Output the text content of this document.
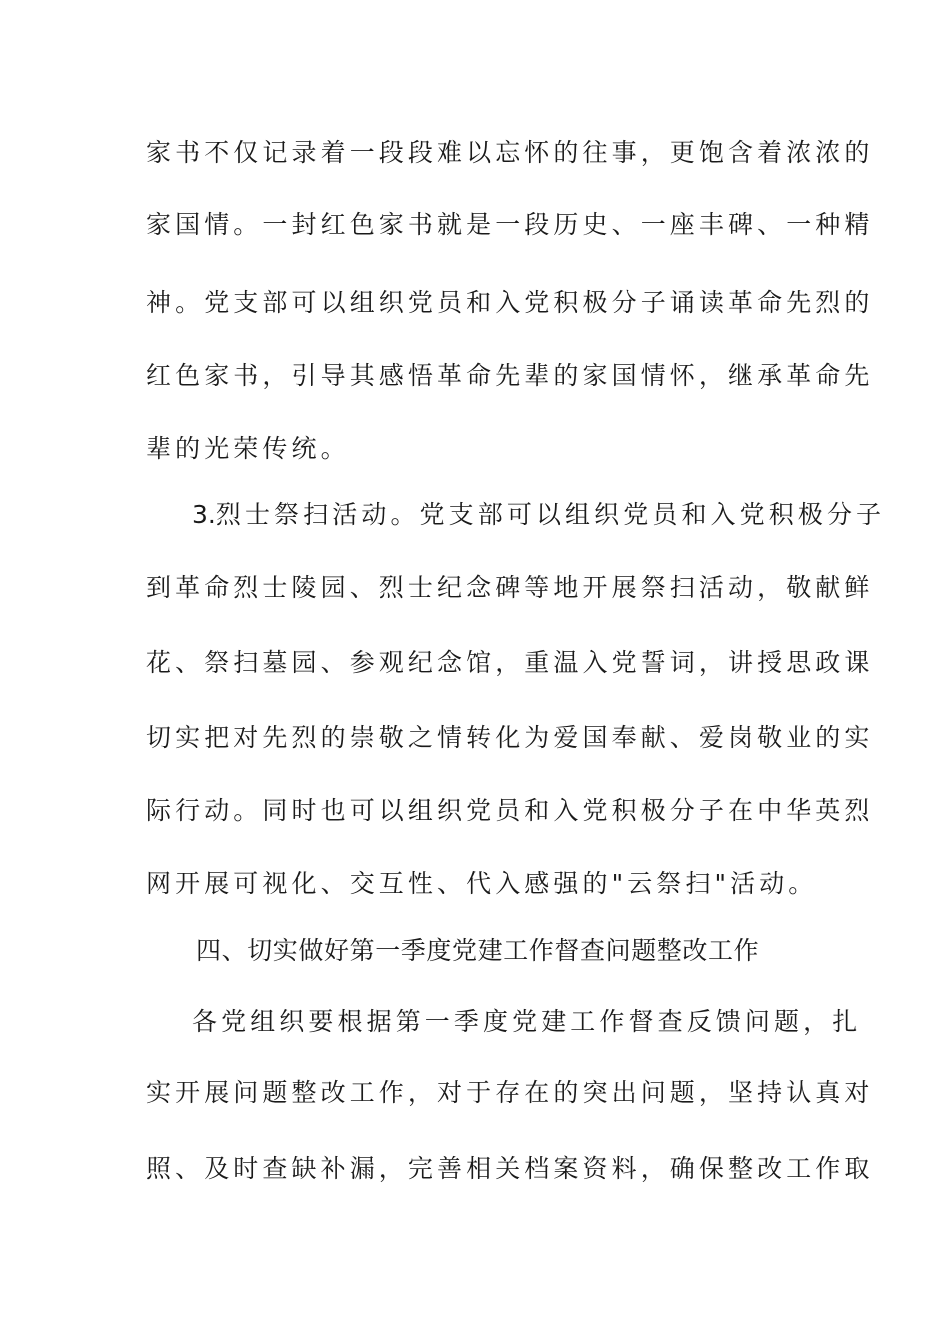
家书不仅记录着一段段难以忘怀的往事，更饱含着浓浓的
家国情。一封红色家书就是一段历史、一座丰碑、一种精
神。党支部可以组织党员和入党积极分子诵读革命先烈的
红色家书，引导其感悟革命先辈的家国情怀，继承革命先
辈的光荣传统。
3.烈士祭扫活动。党支部可以组织党员和入党积极分子
到革命烈士陵园、烈士纪念碑等地开展祭扫活动，敬献鲜
花、祭扫墓园、参观纪念馆，重温入党誓词，讲授思政课
切实把对先烈的崇敬之情转化为爱国奉献、爱岗敬业的实
际行动。同时也可以组织党员和入党积极分子在中华英烈
网开展可视化、交互性、代入感强的"云祭扫"活动。
四、切实做好第一季度党建工作督查问题整改工作
各党组织要根据第一季度党建工作督查反馈问题，扎
实开展问题整改工作，对于存在的突出问题，坚持认真对
照、及时查缺补漏，完善相关档案资料，确保整改工作取
